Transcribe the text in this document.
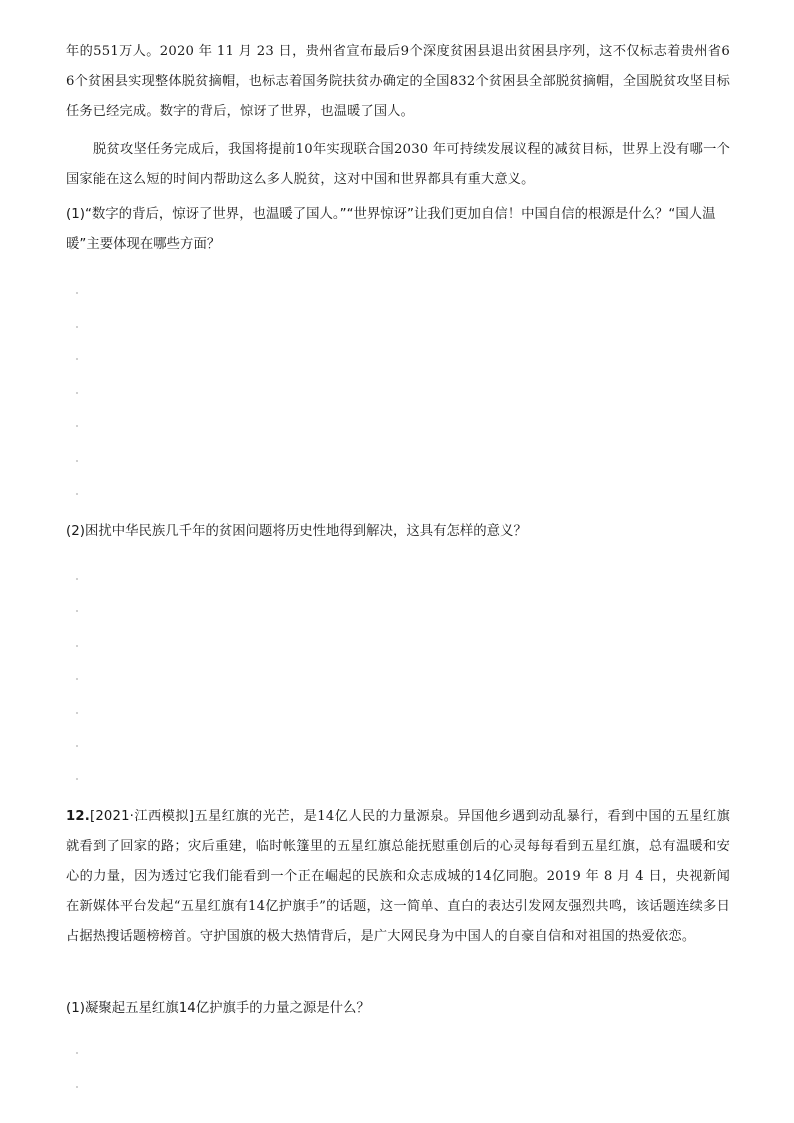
年的551万人。2020 年 11 月 23 日，贵州省宣布最后9个深度贫困县退出贫困县序列，这不仅标志着贵州省66个贫困县实现整体脱贫摘帽，也标志着国务院扶贫办确定的全国832个贫困县全部脱贫摘帽，全国脱贫攻坚目标任务已经完成。数字的背后，惊讶了世界，也温暖了国人。

脱贫攻坚任务完成后，我国将提前10年实现联合国2030 年可持续发展议程的减贫目标，世界上没有哪一个国家能在这么短的时间内帮助这么多人脱贫，这对中国和世界都具有重大意义。

(1)“数字的背后，惊讶了世界，也温暖了国人。”“世界惊讶”让我们更加自信！中国自信的根源是什么？“国人温暖”主要体现在哪些方面？

(2)困扰中华民族几千年的贫困问题将历史性地得到解决，这具有怎样的意义？

12.[2021·江西模拟]五星红旗的光芒，是14亿人民的力量源泉。异国他乡遇到动乱暴行，看到中国的五星红旗就看到了回家的路；灾后重建，临时帐篷里的五星红旗总能抚慰重创后的心灵每每看到五星红旗，总有温暖和安心的力量，因为透过它我们能看到一个正在崛起的民族和众志成城的14亿同胞。2019 年 8 月 4 日，央视新闻在新媒体平台发起“五星红旗有14亿护旗手”的话题，这一简单、直白的表达引发网友强烈共鸣，该话题连续多日占据热搜话题榜榜首。守护国旗的极大热情背后，是广大网民身为中国人的自豪自信和对祖国的热爱依恋。

(1)凝聚起五星红旗14亿护旗手的力量之源是什么？
